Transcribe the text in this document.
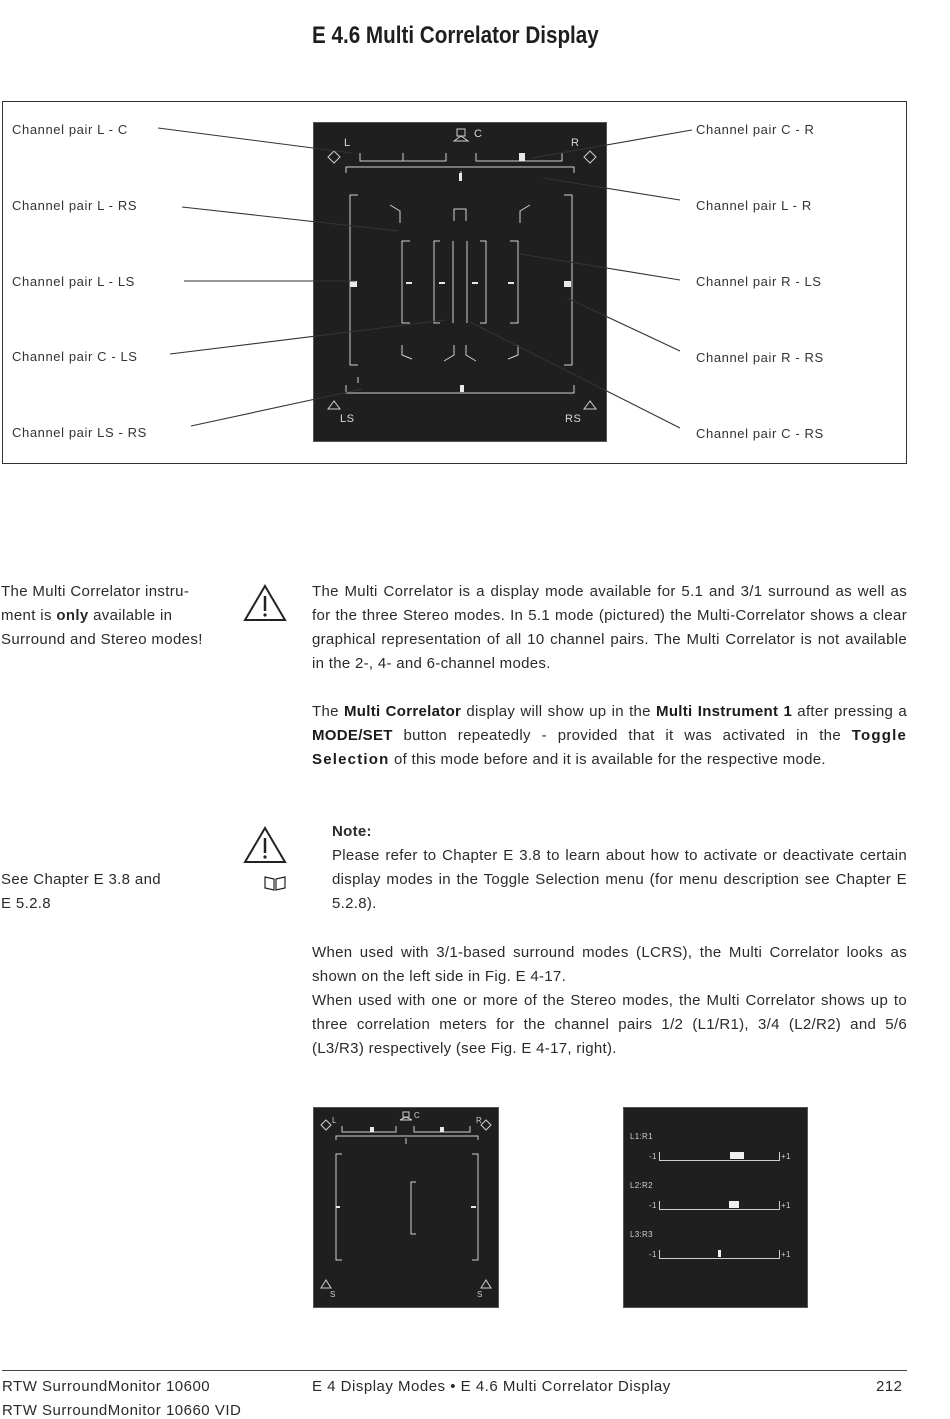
E 4.6 Multi Correlator Display
Channel pair L - C
Channel pair L - RS
Channel pair L - LS
Channel pair C - LS
Channel pair LS - RS
Channel pair C - R
Channel pair L - R
Channel pair R - LS
Channel pair R - RS
Channel pair C - RS
L
C
R
LS	RS
The Multi Correlator instru-
ment is only available in
Surround and Stereo modes!
See Chapter E 3.8 and
E 5.2.8
The Multi Correlator is a display mode available for 5.1 and 3/1 surround as well as for the three Stereo modes. In 5.1 mode (pictured) the Multi-Correlator shows a clear graphical representation of all 10 channel pairs. The Multi Correlator is not available in the 2-, 4- and 6-channel modes.
The Multi Correlator display will show up in the Multi Instrument 1 after pressing a MODE/SET button repeatedly - provided that it was activated in the Toggle Selection of this mode before and it is available for the respective mode.
Note:
Please refer to Chapter E 3.8 to learn about how to activate or deactivate certain display modes in the Toggle Selection menu (for menu description see Chapter E 5.2.8).
When used with 3/1-based surround modes (LCRS), the Multi Correlator looks as shown on the left side in Fig. E 4-17.
When used with one or more of the Stereo modes, the Multi Correlator shows up to three correlation meters for the channel pairs 1/2 (L1/R1), 3/4 (L2/R2) and 5/6 (L3/R3) respectively (see Fig. E 4-17, right).
L
C
R
S	S
L1:R1
-1	+1
L2:R2
-1	+1
L3:R3
-1	+1
RTW SurroundMonitor 10600
RTW SurroundMonitor 10660 VID
E 4 Display Modes • E 4.6 Multi Correlator Display	212
